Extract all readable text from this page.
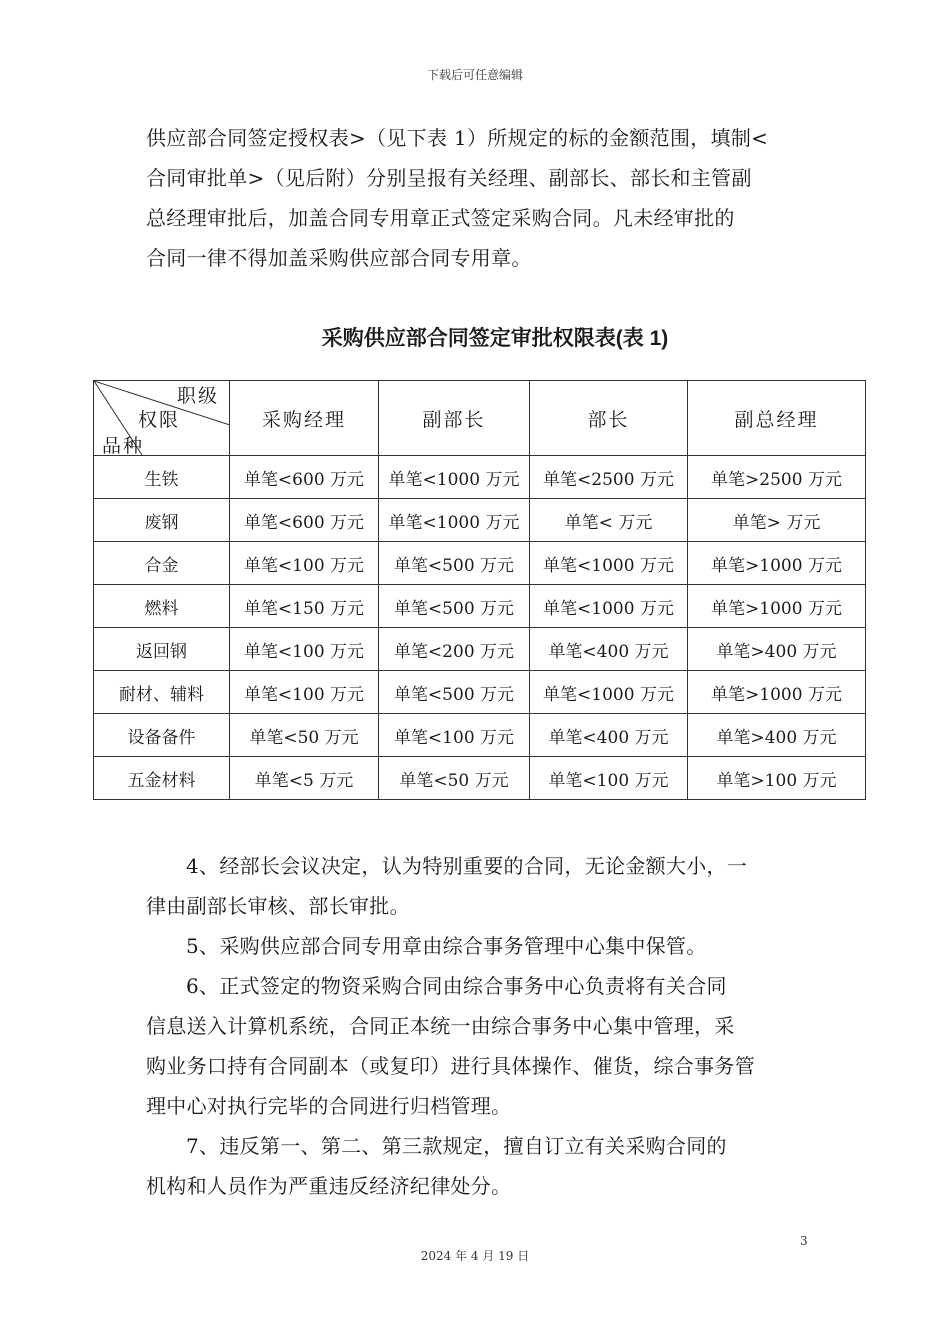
下载后可任意编辑

供应部合同签定授权表>（见下表 1）所规定的标的金额范围，填制<

合同审批单>（见后附）分别呈报有关经理、副部长、部长和主管副

总经理审批后，加盖合同专用章正式签定采购合同。凡未经审批的

合同一律不得加盖采购供应部合同专用章。

采购供应部合同签定审批权限表(表 1)
职级
权限
品种	采购经理	副部长	部长	副总经理
生铁	单笔<600 万元	单笔<1000 万元	单笔<2500 万元	单笔>2500 万元
废钢	单笔<600 万元	单笔<1000 万元	单笔< 万元	单笔> 万元
合金	单笔<100 万元	单笔<500 万元	单笔<1000 万元	单笔>1000 万元
燃料	单笔<150 万元	单笔<500 万元	单笔<1000 万元	单笔>1000 万元
返回钢	单笔<100 万元	单笔<200 万元	单笔<400 万元	单笔>400 万元
耐材、辅料	单笔<100 万元	单笔<500 万元	单笔<1000 万元	单笔>1000 万元
设备备件	单笔<50 万元	单笔<100 万元	单笔<400 万元	单笔>400 万元
五金材料	单笔<5 万元	单笔<50 万元	单笔<100 万元	单笔>100 万元

4、经部长会议决定，认为特别重要的合同，无论金额大小，一

律由副部长审核、部长审批。

5、采购供应部合同专用章由综合事务管理中心集中保管。

6、正式签定的物资采购合同由综合事务中心负责将有关合同

信息送入计算机系统，合同正本统一由综合事务中心集中管理，采

购业务口持有合同副本（或复印）进行具体操作、催货，综合事务管

理中心对执行完毕的合同进行归档管理。

7、违反第一、第二、第三款规定，擅自订立有关采购合同的

机构和人员作为严重违反经济纪律处分。

3
2024 年 4 月 19 日
